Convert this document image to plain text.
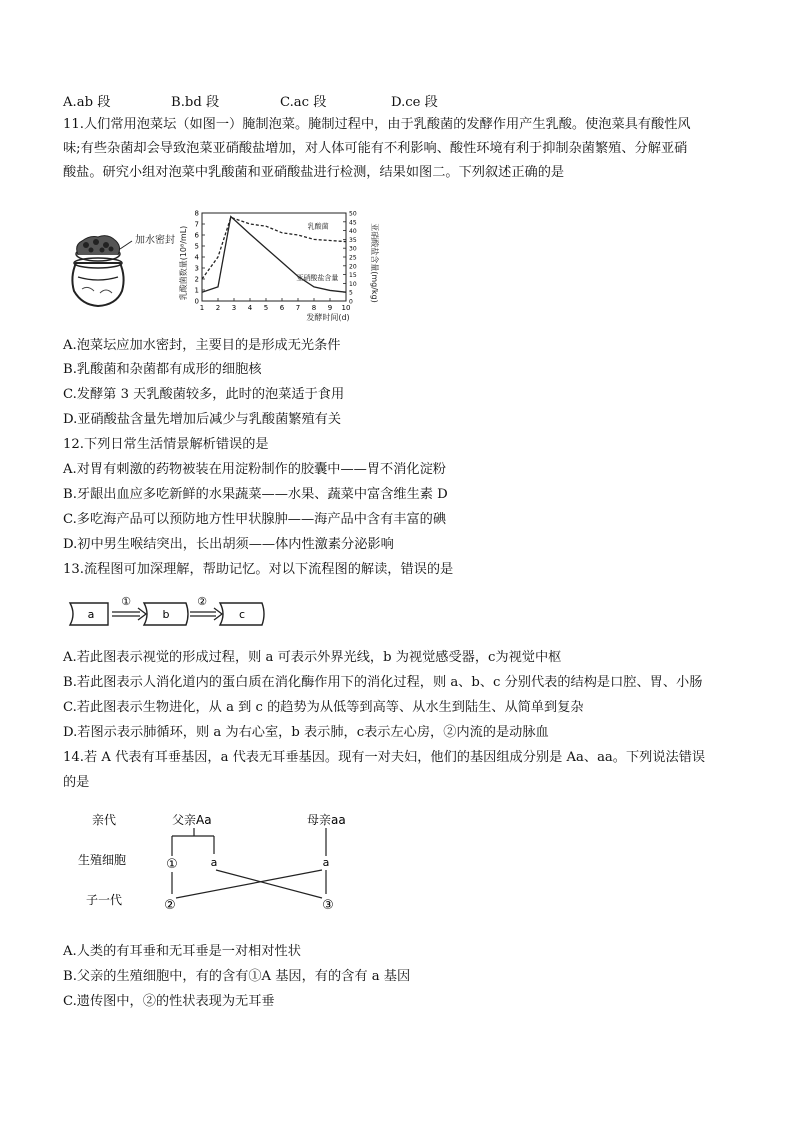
A.ab 段	B.bd 段	C.ac 段	D.ce 段
11.人们常用泡菜坛（如图一）腌制泡菜。腌制过程中，由于乳酸菌的发酵作用产生乳酸。使泡菜具有酸性风
味;有些杂菌却会导致泡菜亚硝酸盐增加，对人体可能有不利影响、酸性环境有利于抑制杂菌繁殖、分解亚硝
酸盐。研究小组对泡菜中乳酸菌和亚硝酸盐进行检测，结果如图二。下列叙述正确的是
加水密封 乳酸菌数量(10⁸/mL)	亚硝酸盐含量(mg/kg)
发酵时间(d)
1 2 3 4 5 6 7 8 9 10
0
1
2
3
4
5
6
7
8
0
5
10
15
20
25
30
35
40
45
50
乳酸菌
亚硝酸盐含量
A.泡菜坛应加水密封，主要目的是形成无光条件
B.乳酸菌和杂菌都有成形的细胞核
C.发酵第 3 天乳酸菌较多，此时的泡菜适于食用
D.亚硝酸盐含量先增加后减少与乳酸菌繁殖有关
12.下列日常生活情景解析错误的是
A.对胃有刺激的药物被装在用淀粉制作的胶囊中——胃不消化淀粉
B.牙龈出血应多吃新鲜的水果蔬菜——水果、蔬菜中富含维生素 D
C.多吃海产品可以预防地方性甲状腺肿——海产品中含有丰富的碘
D.初中男生喉结突出，长出胡须——体内性激素分泌影响
13.流程图可加深理解，帮助记忆。对以下流程图的解读，错误的是
a
①
b
②
c
A.若此图表示视觉的形成过程，则 a 可表示外界光线，b 为视觉感受器，c为视觉中枢
B.若此图表示人消化道内的蛋白质在消化酶作用下的消化过程，则 a、b、c 分别代表的结构是口腔、胃、小肠
C.若此图表示生物进化，从 a 到 c 的趋势为从低等到高等、从水生到陆生、从简单到复杂
D.若图示表示肺循环，则 a 为右心室，b 表示肺，c表示左心房，②内流的是动脉血
14.若 A 代表有耳垂基因，a 代表无耳垂基因。现有一对夫妇，他们的基因组成分别是 Aa、aa。下列说法错误
的是
亲代
生殖细胞
子一代
父亲Aa	母亲aa
①	a	a
②	③
A.人类的有耳垂和无耳垂是一对相对性状
B.父亲的生殖细胞中，有的含有①A 基因，有的含有 a 基因
C.遗传图中，②的性状表现为无耳垂
